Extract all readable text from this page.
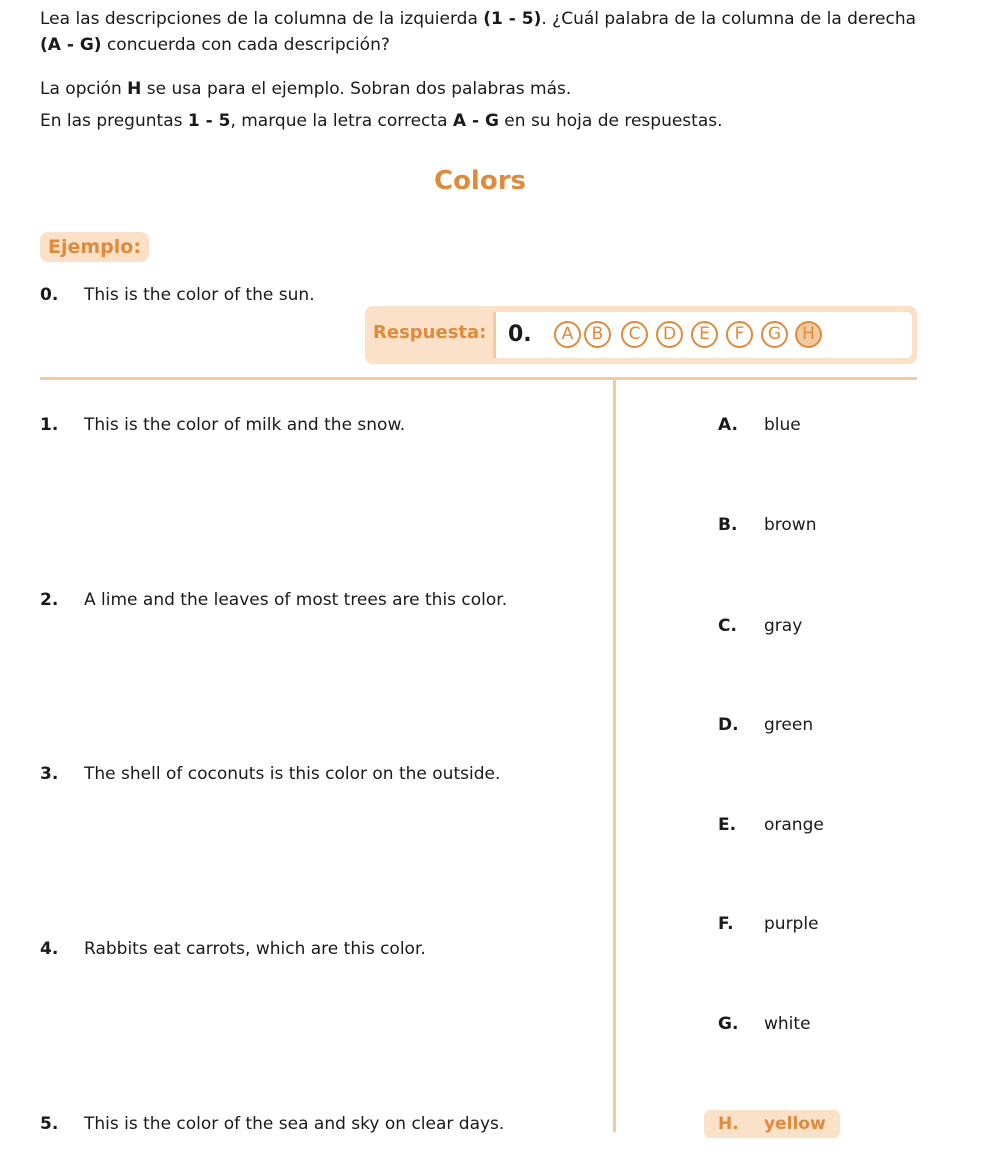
Lea las descripciones de la columna de la izquierda (1 - 5). ¿Cuál palabra de la columna de la derecha
(A - G) concuerda con cada descripción?
La opción H se usa para el ejemplo. Sobran dos palabras más.
En las preguntas 1 - 5, marque la letra correcta A - G en su hoja de respuestas.
Colors
Ejemplo:
0. This is the color of the sun.
Respuesta: 0.	A	B	C	D	E	F	G	H
1. This is the color of milk and the snow.
2. A lime and the leaves of most trees are this color.
3. The shell of coconuts is this color on the outside.
4. Rabbits eat carrots, which are this color.
5. This is the color of the sea and sky on clear days.
A. blue
B. brown
C. gray
D. green
E. orange
F. purple
G. white
H. yellow
